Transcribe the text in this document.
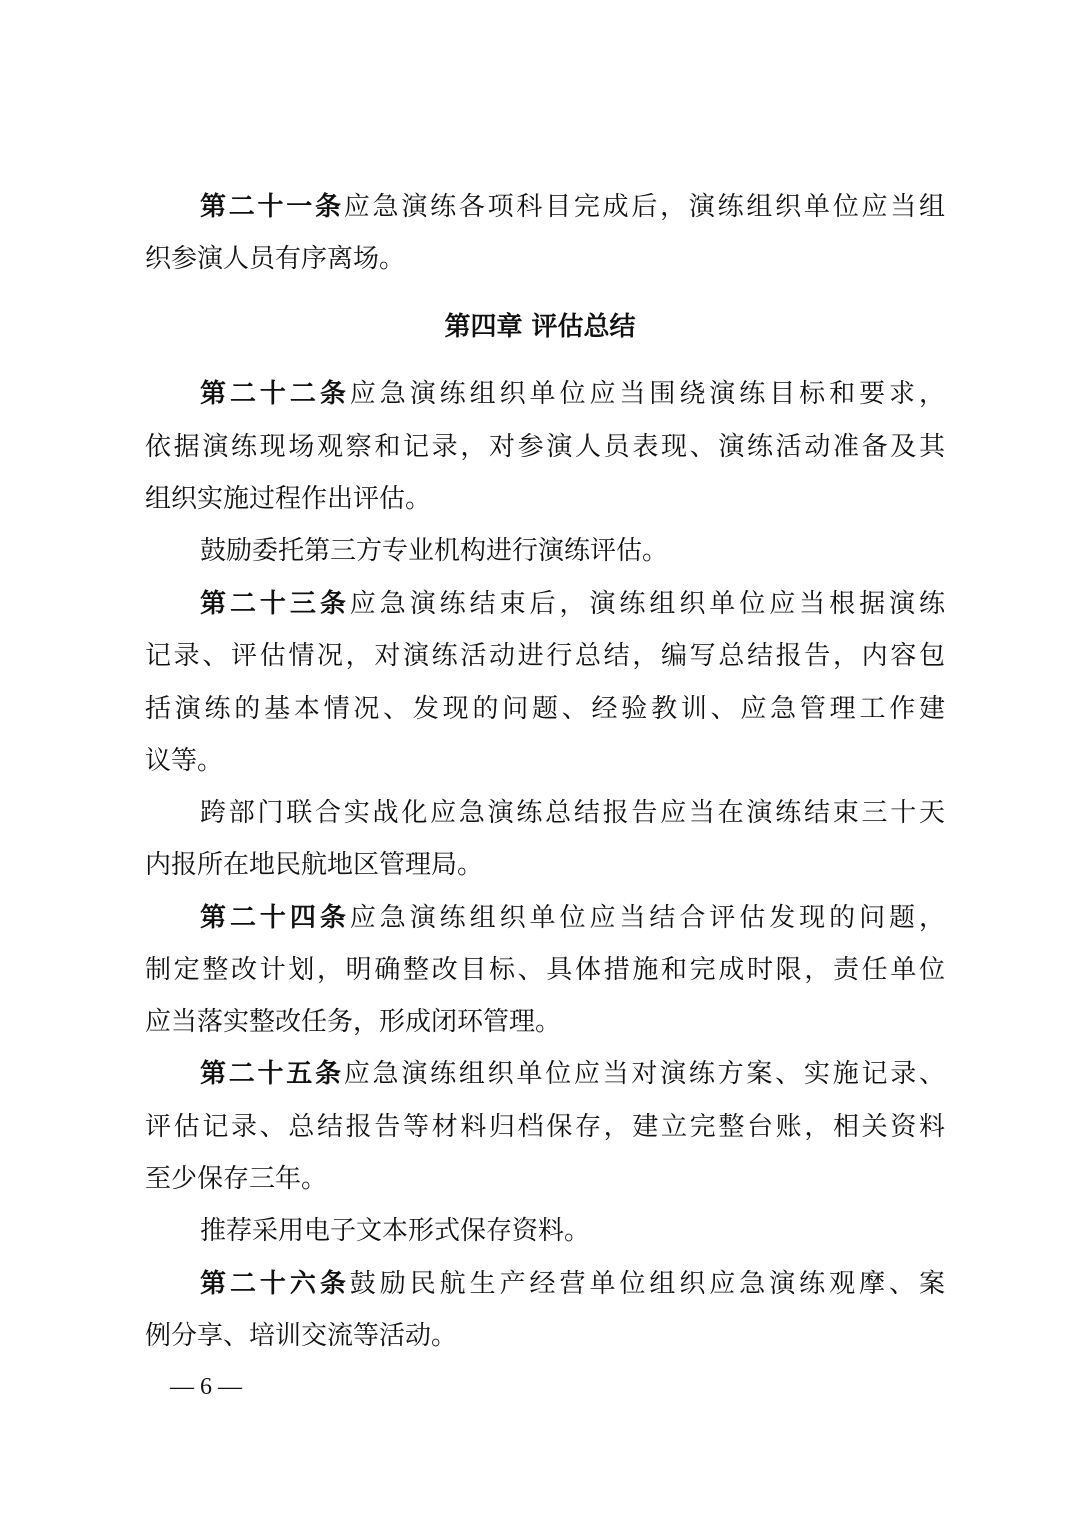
第二十一条应急演练各项科目完成后，演练组织单位应当组
织参演人员有序离场。
第四章 评估总结
第二十二条应急演练组织单位应当围绕演练目标和要求，
依据演练现场观察和记录，对参演人员表现、演练活动准备及其
组织实施过程作出评估。
鼓励委托第三方专业机构进行演练评估。
第二十三条应急演练结束后，演练组织单位应当根据演练
记录、评估情况，对演练活动进行总结，编写总结报告，内容包
括演练的基本情况、发现的问题、经验教训、应急管理工作建
议等。
跨部门联合实战化应急演练总结报告应当在演练结束三十天
内报所在地民航地区管理局。
第二十四条应急演练组织单位应当结合评估发现的问题，
制定整改计划，明确整改目标、具体措施和完成时限，责任单位
应当落实整改任务，形成闭环管理。
第二十五条应急演练组织单位应当对演练方案、实施记录、
评估记录、总结报告等材料归档保存，建立完整台账，相关资料
至少保存三年。
推荐采用电子文本形式保存资料。
第二十六条鼓励民航生产经营单位组织应急演练观摩、案
例分享、培训交流等活动。
— 6 —
